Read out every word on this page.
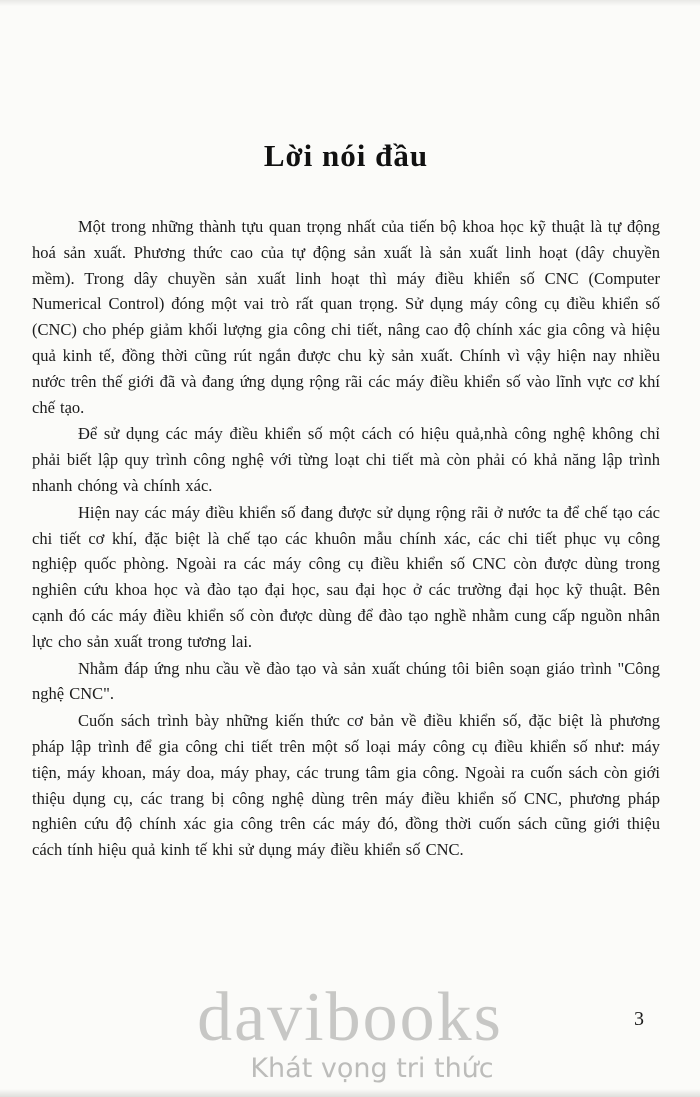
Lời nói đầu

Một trong những thành tựu quan trọng nhất của tiến bộ khoa học kỹ thuật là tự động hoá sản xuất. Phương thức cao của tự động sản xuất là sản xuất linh hoạt (dây chuyền mềm). Trong dây chuyền sản xuất linh hoạt thì máy điều khiển số CNC (Computer Numerical Control) đóng một vai trò rất quan trọng. Sử dụng máy công cụ điều khiển số (CNC) cho phép giảm khối lượng gia công chi tiết, nâng cao độ chính xác gia công và hiệu quả kinh tế, đồng thời cũng rút ngắn được chu kỳ sản xuất. Chính vì vậy hiện nay nhiều nước trên thế giới đã và đang ứng dụng rộng rãi các máy điều khiển số vào lĩnh vực cơ khí chế tạo.

Để sử dụng các máy điều khiển số một cách có hiệu quả,nhà công nghệ không chỉ phải biết lập quy trình công nghệ với từng loạt chi tiết mà còn phải có khả năng lập trình nhanh chóng và chính xác.

Hiện nay các máy điều khiển số đang được sử dụng rộng rãi ở nước ta để chế tạo các chi tiết cơ khí, đặc biệt là chế tạo các khuôn mẫu chính xác, các chi tiết phục vụ công nghiệp quốc phòng. Ngoài ra các máy công cụ điều khiển số CNC còn được dùng trong nghiên cứu khoa học và đào tạo đại học, sau đại học ở các trường đại học kỹ thuật. Bên cạnh đó các máy điều khiển số còn được dùng để đào tạo nghề nhằm cung cấp nguồn nhân lực cho sản xuất trong tương lai.

Nhằm đáp ứng nhu cầu về đào tạo và sản xuất chúng tôi biên soạn giáo trình "Công nghệ CNC".

Cuốn sách trình bày những kiến thức cơ bản về điều khiển số, đặc biệt là phương pháp lập trình để gia công chi tiết trên một số loại máy công cụ điều khiển số như: máy tiện, máy khoan, máy doa, máy phay, các trung tâm gia công. Ngoài ra cuốn sách còn giới thiệu dụng cụ, các trang bị công nghệ dùng trên máy điều khiển số CNC, phương pháp nghiên cứu độ chính xác gia công trên các máy đó, đồng thời cuốn sách cũng giới thiệu cách tính hiệu quả kinh tế khi sử dụng máy điều khiển số CNC.

davibooks
Khát vọng tri thức
3
